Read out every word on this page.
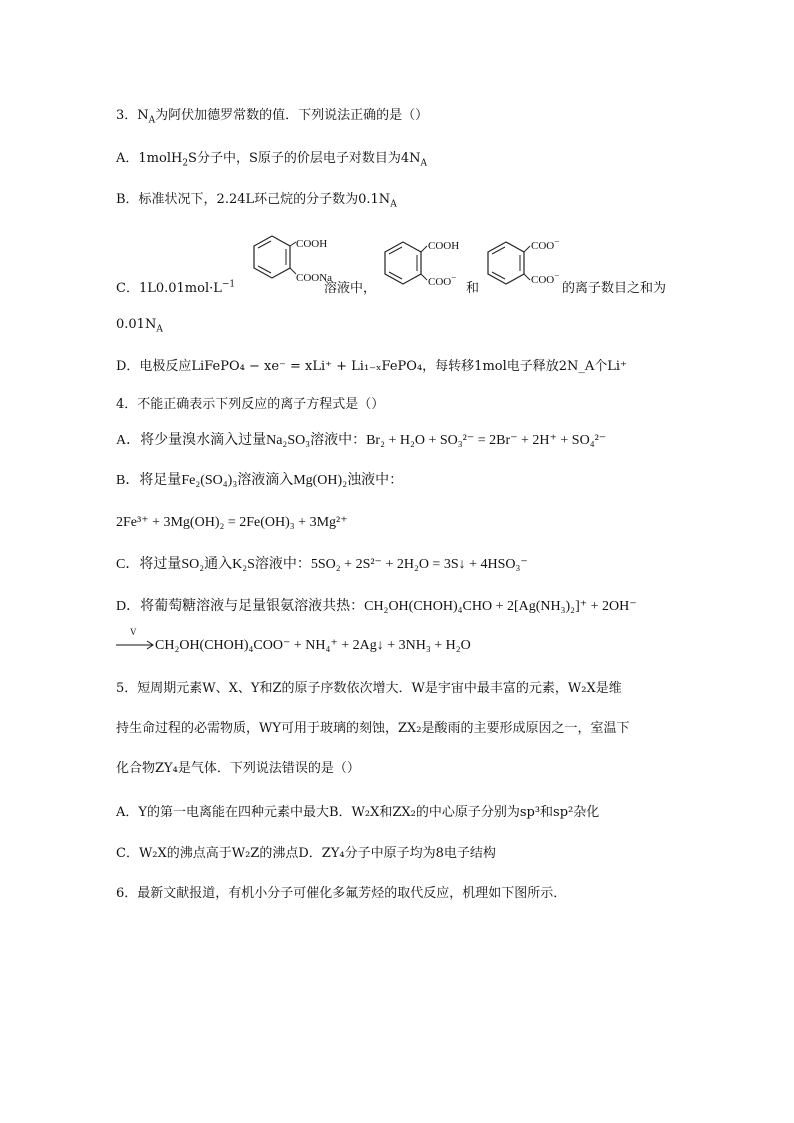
3．$N_A$为阿伏加德罗常数的值．下列说法正确的是（）
A．1molH$_2$S分子中，S原子的价层电子对数目为$4N_A$
B．标准状况下，2.24L环己烷的分子数为$0.1N_A$
C．$1L0.01mol\cdot L^{-1}$
COOH
COONa
溶液中，
COOH
COO−
和
COO−
COO−
的离子数目之和为
$0.01N_A$
D．电极反应LiFePO₄ − xe⁻ = xLi⁺ + Li₁₋ₓFePO₄，每转移1mol电子释放2N_A个Li⁺
4．不能正确表示下列反应的离子方程式是（）
A．将少量溴水滴入过量Na₂SO₃溶液中：Br₂ + H₂O + SO₃²⁻ = 2Br⁻ + 2H⁺ + SO₄²⁻
B．将足量Fe₂(SO₄)₃溶液滴入Mg(OH)₂浊液中：
2Fe³⁺ + 3Mg(OH)₂ = 2Fe(OH)₃ + 3Mg²⁺
C．将过量SO₂通入K₂S溶液中：5SO₂ + 2S²⁻ + 2H₂O = 3S↓ + 4HSO₃⁻
D．将葡萄糖溶液与足量银氨溶液共热：CH₂OH(CHOH)₄CHO + 2[Ag(NH₃)₂]⁺ + 2OH⁻
V
CH₂OH(CHOH)₄COO⁻ + NH₄⁺ + 2Ag↓ + 3NH₃ + H₂O
5．短周期元素W、X、Y和Z的原子序数依次增大．W是宇宙中最丰富的元素，W₂X是维
持生命过程的必需物质，WY可用于玻璃的刻蚀，ZX₂是酸雨的主要形成原因之一，室温下
化合物ZY₄是气体．下列说法错误的是（）
A．Y的第一电离能在四种元素中最大B．W₂X和ZX₂的中心原子分别为sp³和sp²杂化
C．W₂X的沸点高于W₂Z的沸点D．ZY₄分子中原子均为8电子结构
6．最新文献报道，有机小分子可催化多氟芳烃的取代反应，机理如下图所示．
